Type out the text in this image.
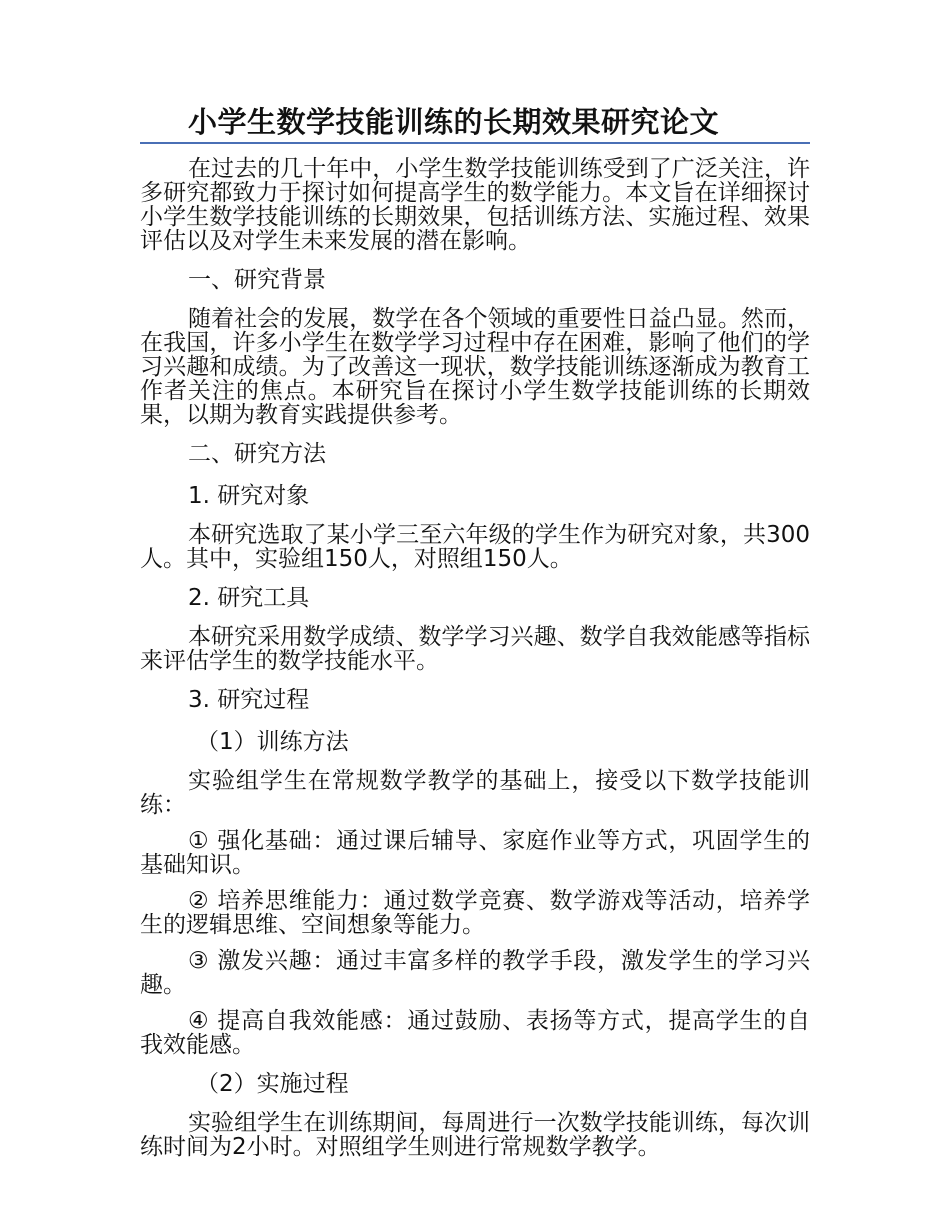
小学生数学技能训练的长期效果研究论文

在过去的几十年中，小学生数学技能训练受到了广泛关注，许多研究都致力于探讨如何提高学生的数学能力。本文旨在详细探讨小学生数学技能训练的长期效果，包括训练方法、实施过程、效果评估以及对学生未来发展的潜在影响。

一、研究背景

随着社会的发展，数学在各个领域的重要性日益凸显。然而，在我国，许多小学生在数学学习过程中存在困难，影响了他们的学习兴趣和成绩。为了改善这一现状，数学技能训练逐渐成为教育工作者关注的焦点。本研究旨在探讨小学生数学技能训练的长期效果，以期为教育实践提供参考。

二、研究方法

1. 研究对象

本研究选取了某小学三至六年级的学生作为研究对象，共300人。其中，实验组150人，对照组150人。

2. 研究工具

本研究采用数学成绩、数学学习兴趣、数学自我效能感等指标来评估学生的数学技能水平。

3. 研究过程

（1）训练方法

实验组学生在常规数学教学的基础上，接受以下数学技能训练：

① 强化基础：通过课后辅导、家庭作业等方式，巩固学生的基础知识。

② 培养思维能力：通过数学竞赛、数学游戏等活动，培养学生的逻辑思维、空间想象等能力。

③ 激发兴趣：通过丰富多样的教学手段，激发学生的学习兴趣。

④ 提高自我效能感：通过鼓励、表扬等方式，提高学生的自我效能感。

（2）实施过程

实验组学生在训练期间，每周进行一次数学技能训练，每次训练时间为2小时。对照组学生则进行常规数学教学。
